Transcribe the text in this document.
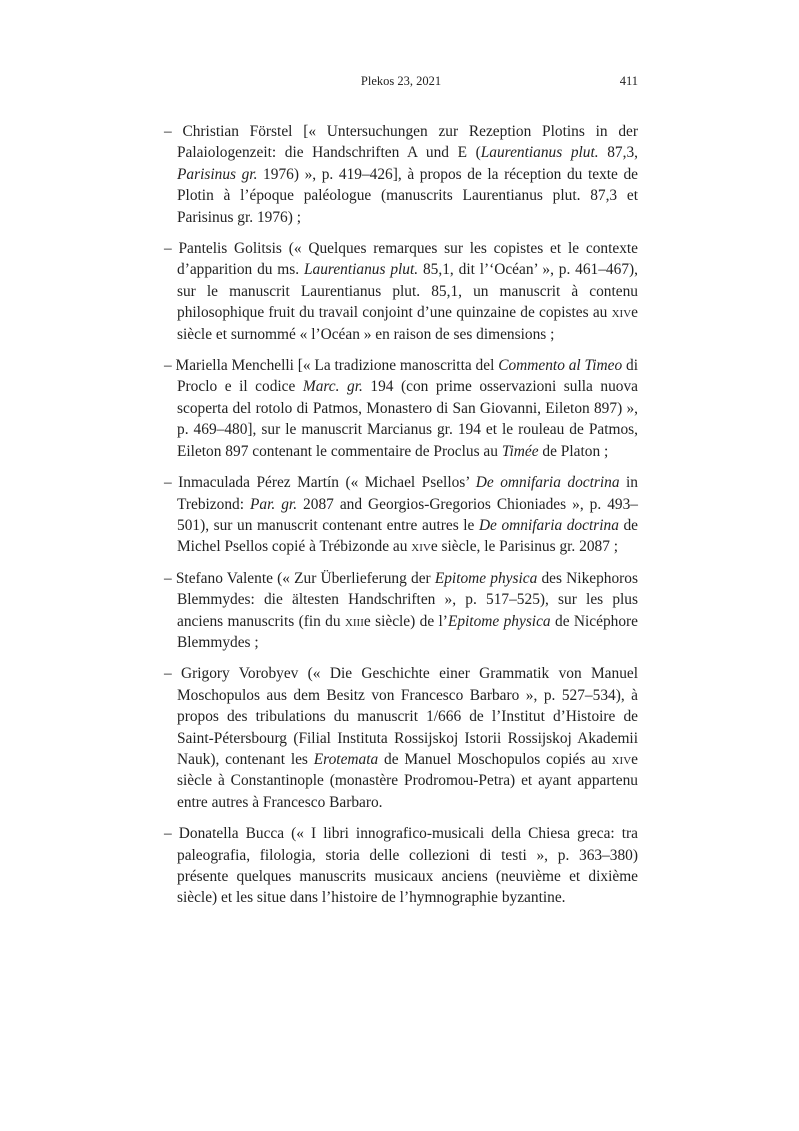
Plekos 23, 2021	411

– Christian Förstel [« Untersuchungen zur Rezeption Plotins in der Palaiologenzeit: die Handschriften A und E (Laurentianus plut. 87,3, Parisinus gr. 1976) », p. 419–426], à propos de la réception du texte de Plotin à l’époque paléologue (manuscrits Laurentianus plut. 87,3 et Parisinus gr. 1976) ;

– Pantelis Golitsis (« Quelques remarques sur les copistes et le contexte d’apparition du ms. Laurentianus plut. 85,1, dit l’‘Océan’ », p. 461–467), sur le manuscrit Laurentianus plut. 85,1, un manuscrit à contenu philosophique fruit du travail conjoint d’une quinzaine de copistes au xive siècle et surnommé « l’Océan » en raison de ses dimensions ;

– Mariella Menchelli [« La tradizione manoscritta del Commento al Timeo di Proclo e il codice Marc. gr. 194 (con prime osservazioni sulla nuova scoperta del rotolo di Patmos, Monastero di San Giovanni, Eileton 897) », p. 469–480], sur le manuscrit Marcianus gr. 194 et le rouleau de Patmos, Eileton 897 contenant le commentaire de Proclus au Timée de Platon ;

– Inmaculada Pérez Martín (« Michael Psellos’ De omnifaria doctrina in Trebizond: Par. gr. 2087 and Georgios-Gregorios Chioniades », p. 493–501), sur un manuscrit contenant entre autres le De omnifaria doctrina de Michel Psellos copié à Trébizonde au xive siècle, le Parisinus gr. 2087 ;

– Stefano Valente (« Zur Überlieferung der Epitome physica des Nikephoros Blemmydes: die ältesten Handschriften », p. 517–525), sur les plus anciens manuscrits (fin du xiiie siècle) de l’Epitome physica de Nicéphore Blemmydes ;

– Grigory Vorobyev (« Die Geschichte einer Grammatik von Manuel Moschopulos aus dem Besitz von Francesco Barbaro », p. 527–534), à propos des tribulations du manuscrit 1/666 de l’Institut d’Histoire de Saint-Pétersbourg (Filial Instituta Rossijskoj Istorii Rossijskoj Akademii Nauk), contenant les Erotemata de Manuel Moschopulos copiés au xive siècle à Constantinople (monastère Prodromou-Petra) et ayant appartenu entre autres à Francesco Barbaro.

– Donatella Bucca (« I libri innografico-musicali della Chiesa greca: tra paleografia, filologia, storia delle collezioni di testi », p. 363–380) présente quelques manuscrits musicaux anciens (neuvième et dixième siècle) et les situe dans l’histoire de l’hymnographie byzantine.
